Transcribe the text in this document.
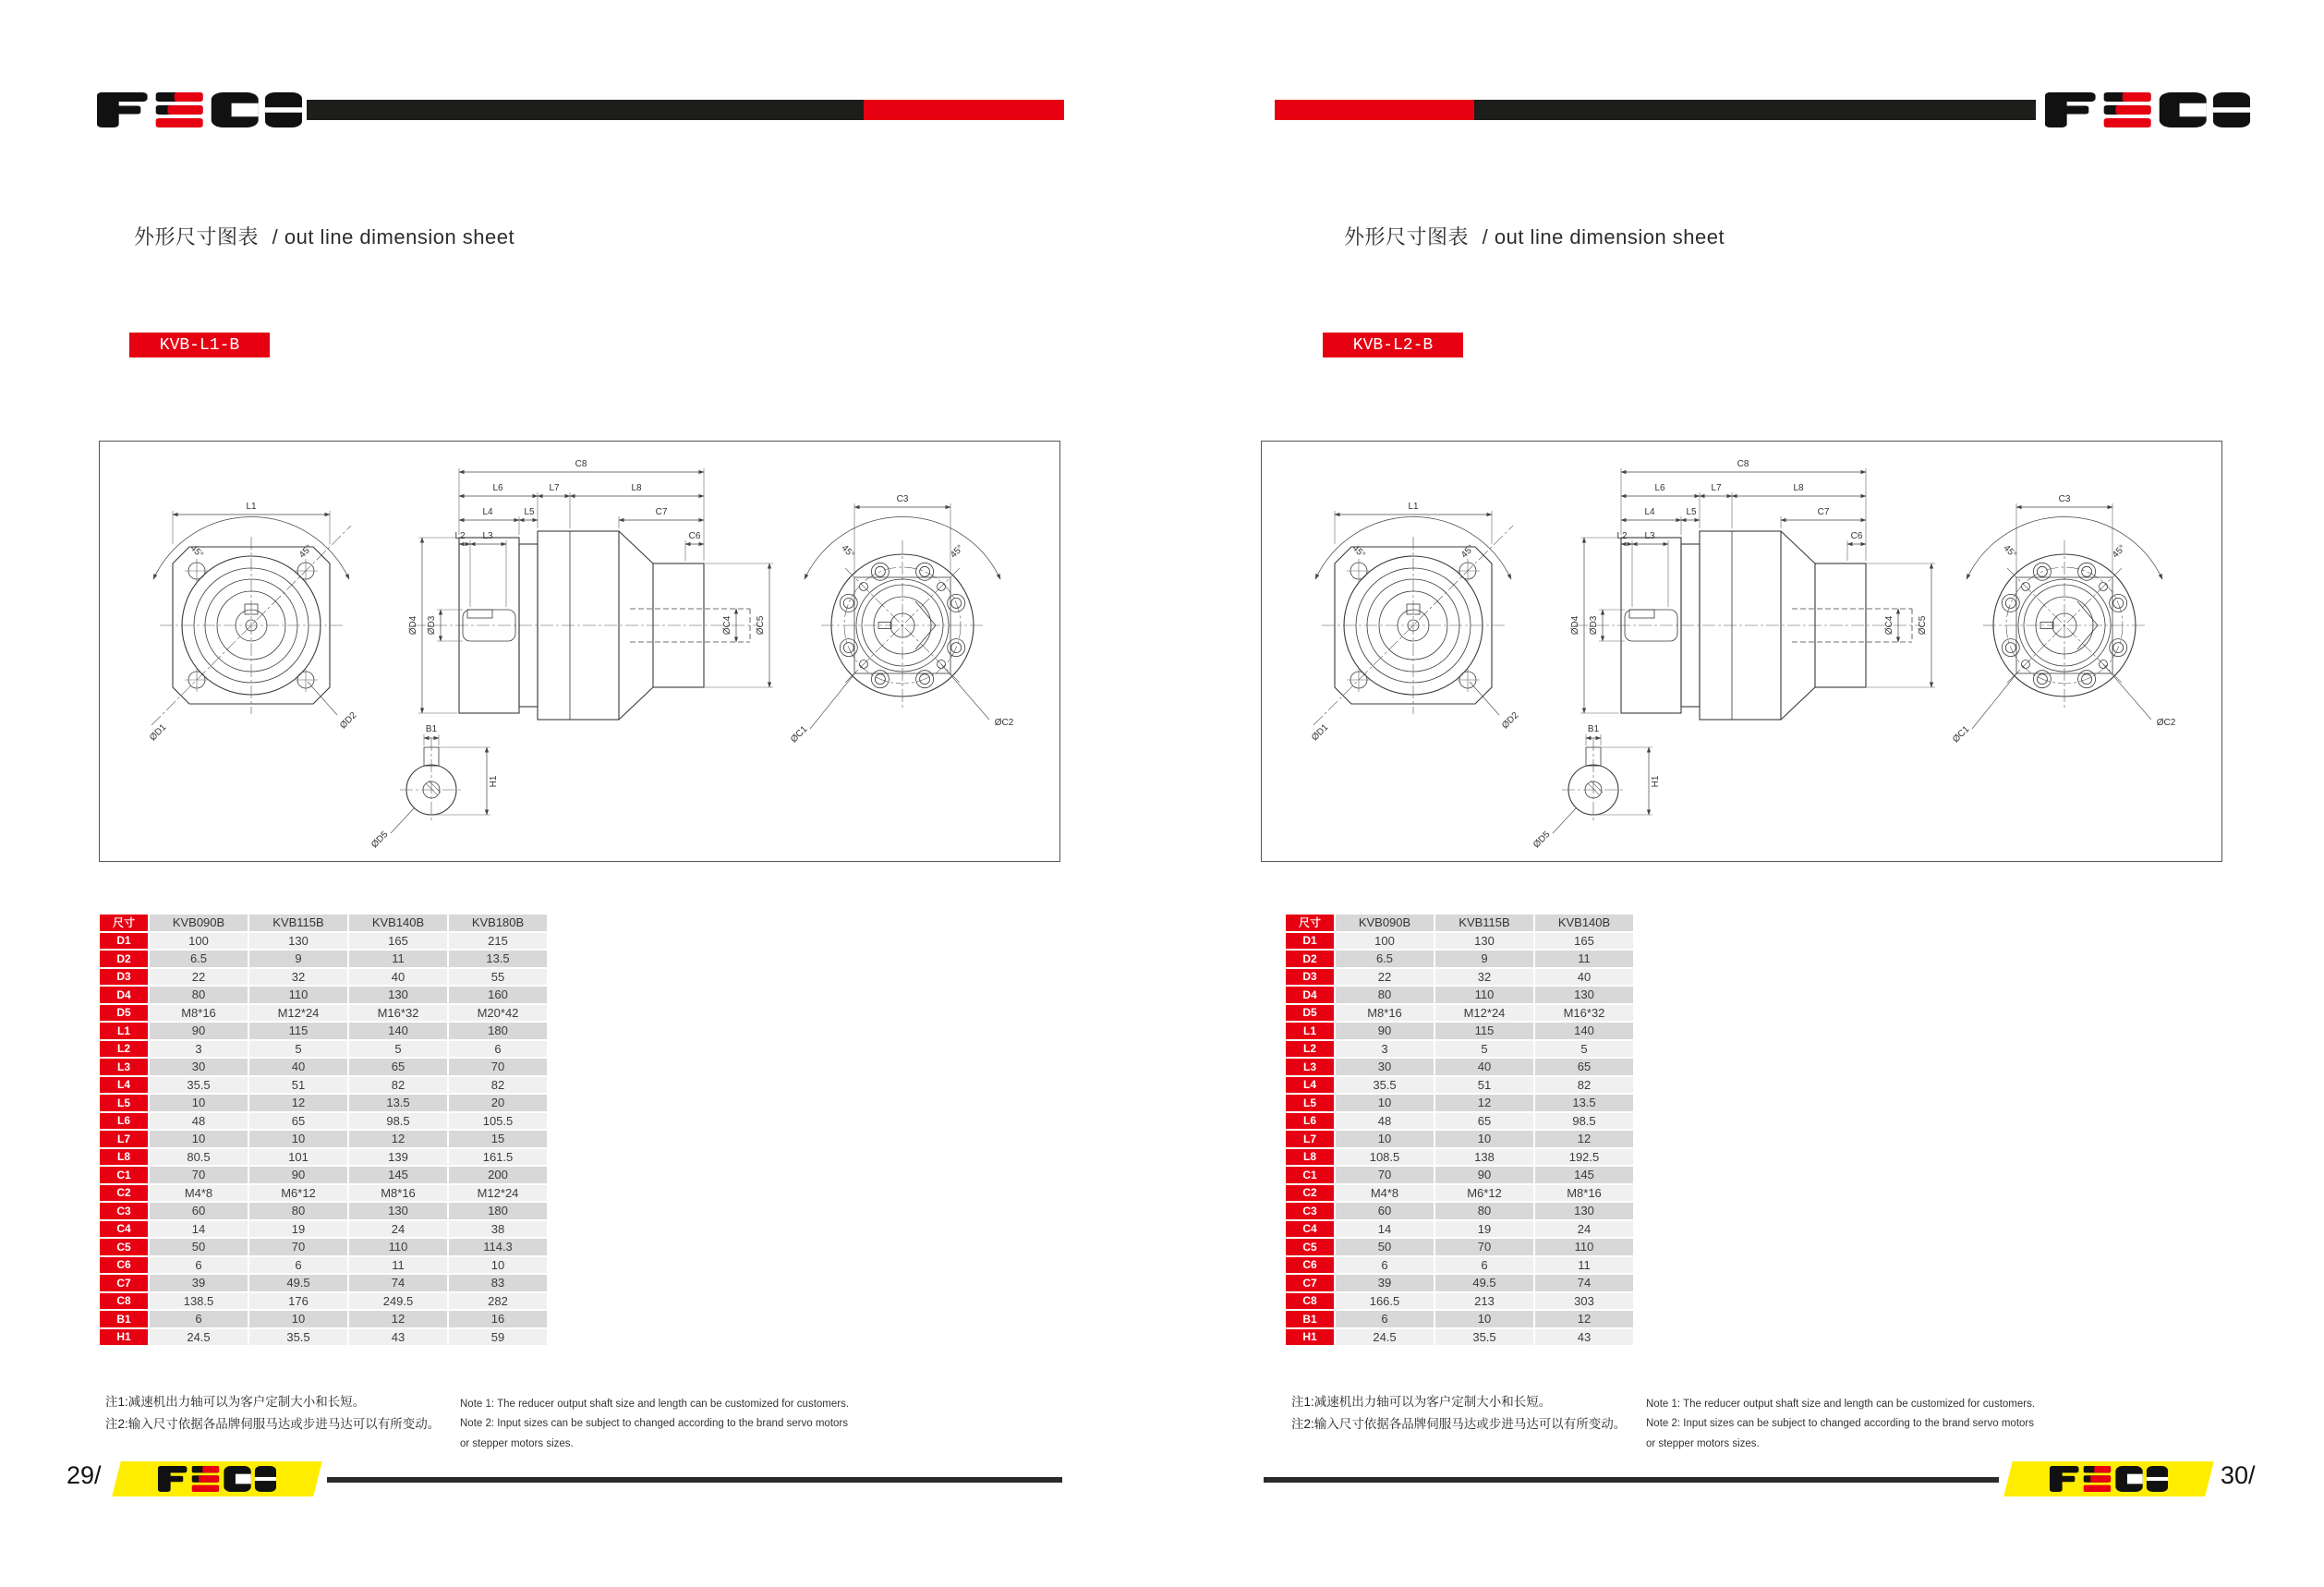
外形尺寸图表 / out line dimension sheet
KVB-L1-B
L1
45°	45°
ØD1
ØD2
C8
L6	L7	L8
L4	L5	C7
L2 L3	C6
ØD4 ØD3	ØC4	ØC5
B1
H1
ØD5
C3
45°	45°
ØC1
ØC2
尺寸	KVB090B	KVB115B	KVB140B	KVB180B
D1	100	130	165	215
D2	6.5	9	11	13.5
D3	22	32	40	55
D4	80	110	130	160
D5	M8*16	M12*24	M16*32	M20*42
L1	90	115	140	180
L2	3	5	5	6
L3	30	40	65	70
L4	35.5	51	82	82
L5	10	12	13.5	20
L6	48	65	98.5	105.5
L7	10	10	12	15
L8	80.5	101	139	161.5
C1	70	90	145	200
C2	M4*8	M6*12	M8*16	M12*24
C3	60	80	130	180
C4	14	19	24	38
C5	50	70	110	114.3
C6	6	6	11	10
C7	39	49.5	74	83
C8	138.5	176	249.5	282
B1	6	10	12	16
H1	24.5	35.5	43	59
注1:减速机出力轴可以为客户定制大小和长短。
注2:输入尺寸依据各品牌伺服马达或步进马达可以有所变动。
Note 1: The reducer output shaft size and length can be customized for customers.
Note 2: Input sizes can be subject to changed according to the brand servo motors
or stepper motors sizes.
29/
外形尺寸图表 / out line dimension sheet
KVB-L2-B
尺寸	KVB090B	KVB115B	KVB140B
D1	100	130	165
D2	6.5	9	11
D3	22	32	40
D4	80	110	130
D5	M8*16	M12*24	M16*32
L1	90	115	140
L2	3	5	5
L3	30	40	65
L4	35.5	51	82
L5	10	12	13.5
L6	48	65	98.5
L7	10	10	12
L8	108.5	138	192.5
C1	70	90	145
C2	M4*8	M6*12	M8*16
C3	60	80	130
C4	14	19	24
C5	50	70	110
C6	6	6	11
C7	39	49.5	74
C8	166.5	213	303
B1	6	10	12
H1	24.5	35.5	43
注1:减速机出力轴可以为客户定制大小和长短。
注2:输入尺寸依据各品牌伺服马达或步进马达可以有所变动。
Note 1: The reducer output shaft size and length can be customized for customers.
Note 2: Input sizes can be subject to changed according to the brand servo motors
or stepper motors sizes.
30/
